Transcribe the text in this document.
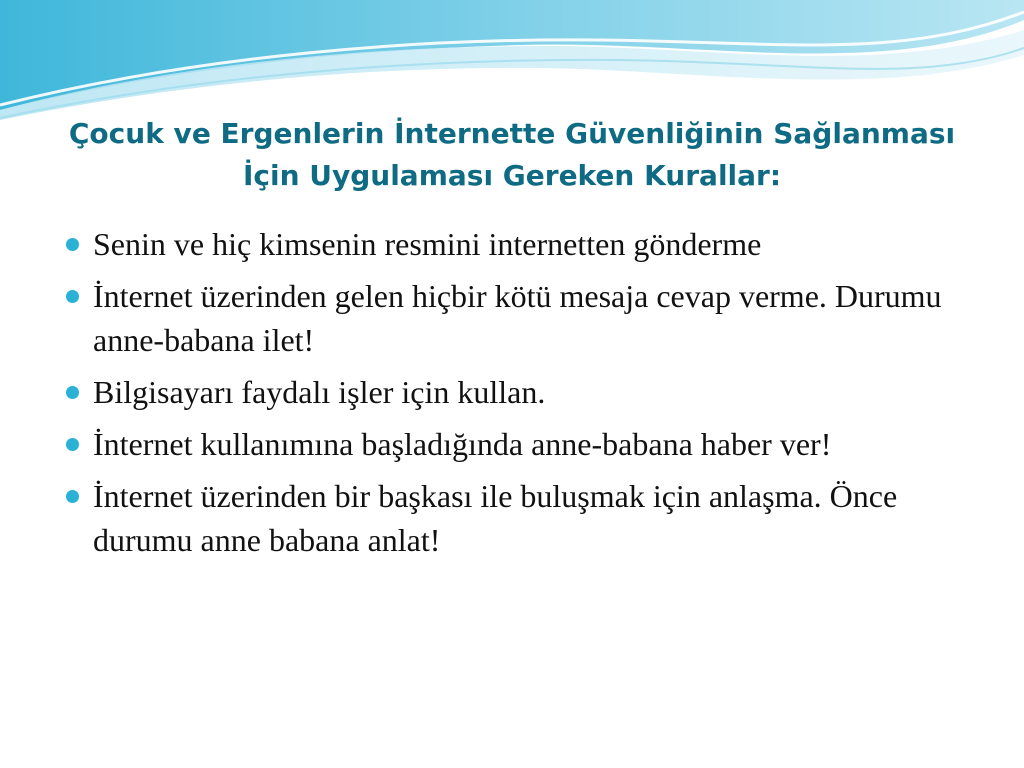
Çocuk ve Ergenlerin İnternette Güvenliğinin Sağlanması
İçin Uygulaması Gereken Kurallar:
Senin ve hiç kimsenin resmini internetten gönderme
İnternet üzerinden gelen hiçbir kötü mesaja cevap verme. Durumu anne-babana ilet!
Bilgisayarı faydalı işler için kullan.
İnternet kullanımına başladığında anne-babana haber ver!
İnternet üzerinden bir başkası ile buluşmak için anlaşma. Önce durumu anne babana anlat!
